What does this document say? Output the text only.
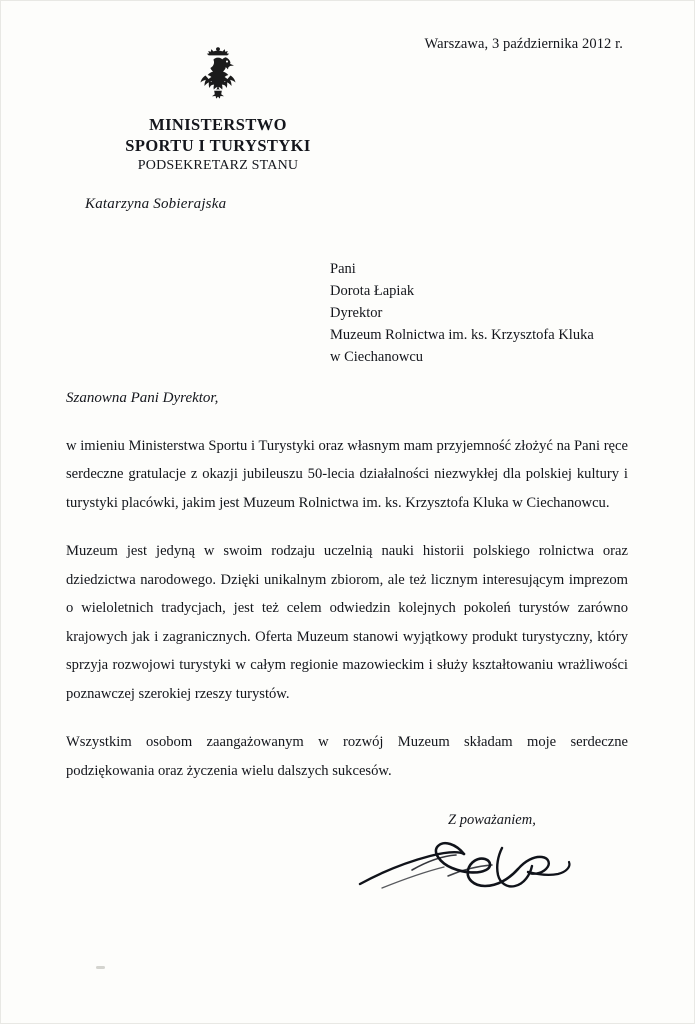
Warszawa, 3 października 2012 r.
MINISTERSTWO
SPORTU I TURYSTYKI
PODSEKRETARZ STANU
Katarzyna Sobierajska
Pani
Dorota Łapiak
Dyrektor
Muzeum Rolnictwa im. ks. Krzysztofa Kluka
w Ciechanowcu
Szanowna Pani Dyrektor,

w imieniu Ministerstwa Sportu i Turystyki oraz własnym mam przyjemność złożyć na Pani ręce serdeczne gratulacje z okazji jubileuszu 50-lecia działalności niezwykłej dla polskiej kultury i turystyki placówki, jakim jest Muzeum Rolnictwa im. ks. Krzysztofa Kluka w Ciechanowcu.

Muzeum jest jedyną w swoim rodzaju uczelnią nauki historii polskiego rolnictwa oraz dziedzictwa narodowego. Dzięki unikalnym zbiorom, ale też licznym interesującym imprezom o wieloletnich tradycjach, jest też celem odwiedzin kolejnych pokoleń turystów zarówno krajowych jak i zagranicznych. Oferta Muzeum stanowi wyjątkowy produkt turystyczny, który sprzyja rozwojowi turystyki w całym regionie mazowieckim i służy kształtowaniu wrażliwości poznawczej szerokiej rzeszy turystów.

Wszystkim osobom zaangażowanym w rozwój Muzeum składam moje serdeczne podziękowania oraz życzenia wielu dalszych sukcesów.

Z poważaniem,
